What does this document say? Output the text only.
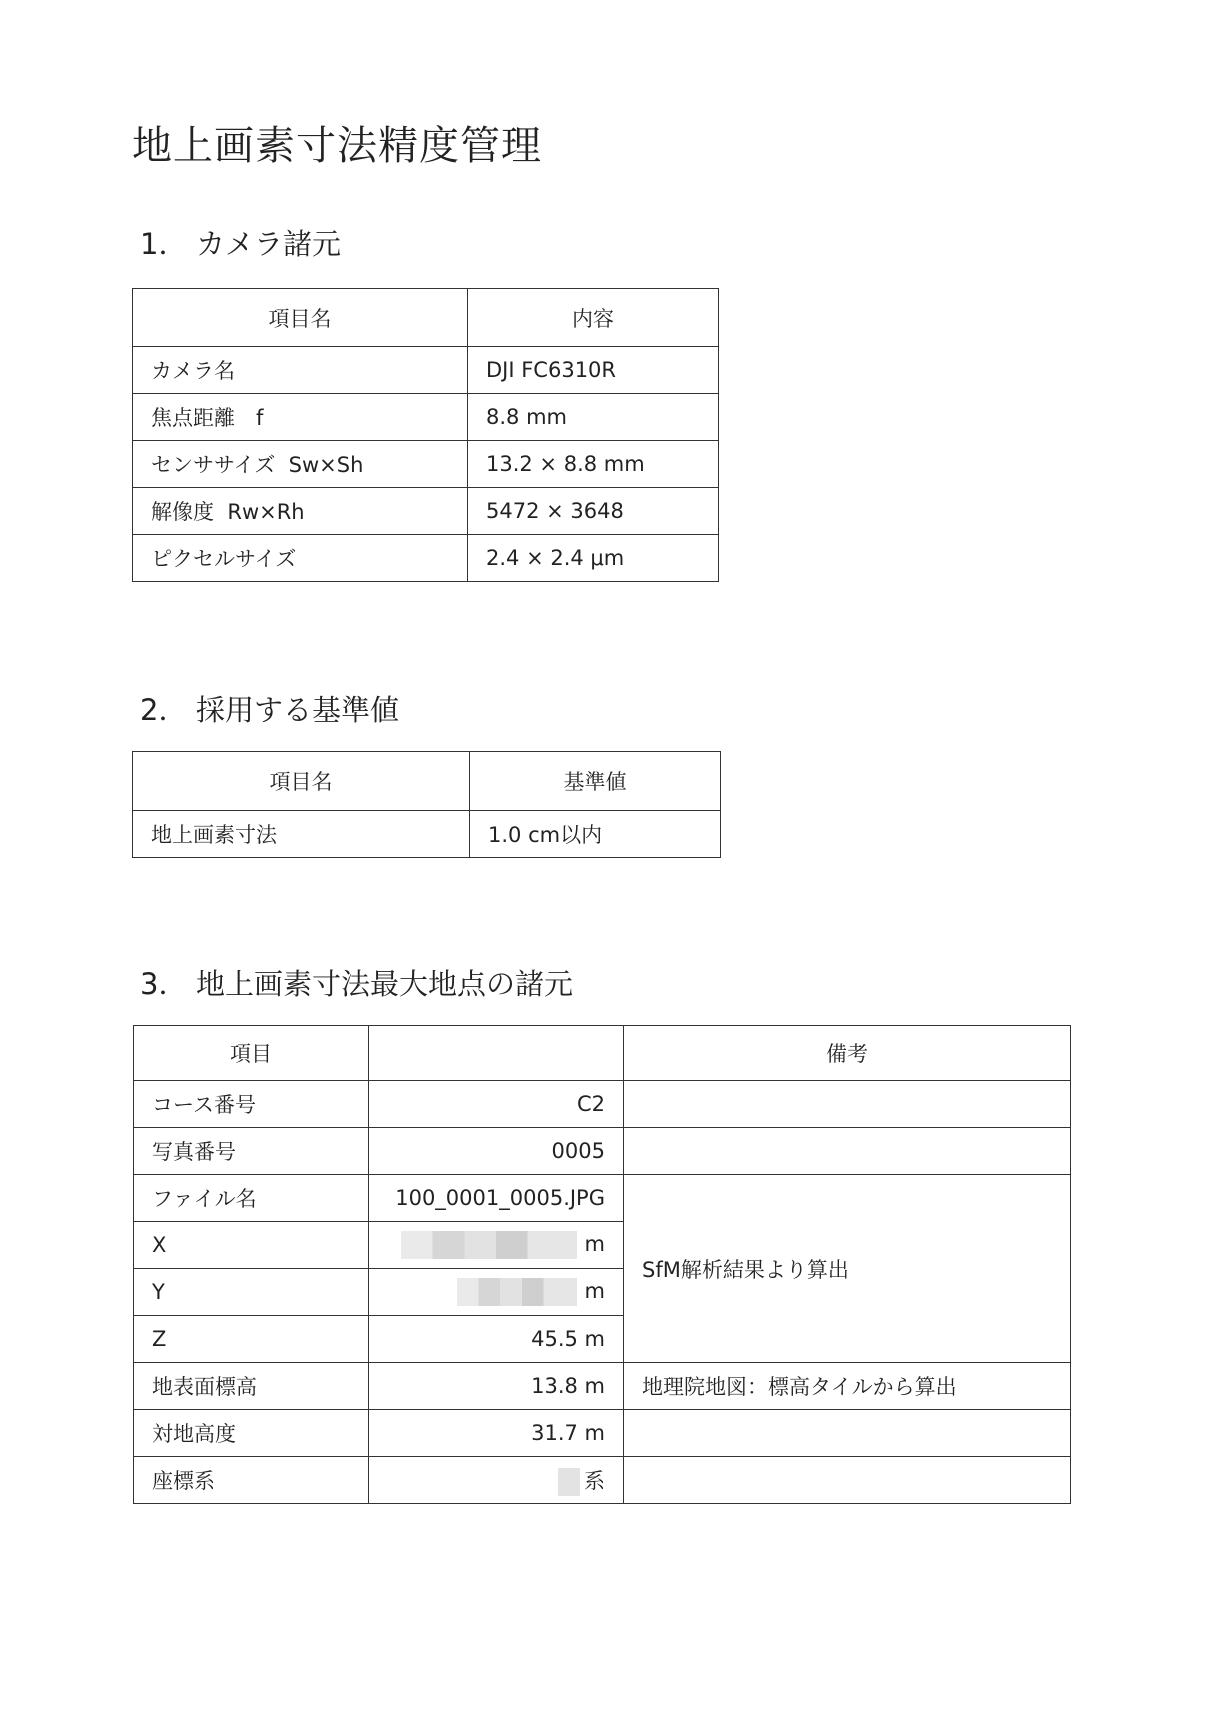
地上画素寸法精度管理
1． カメラ諸元
項目名	内容
カメラ名	DJI FC6310R
焦点距離　f	8.8 mm
センササイズ  Sw×Sh	13.2 × 8.8 mm
解像度  Rw×Rh	5472 × 3648
ピクセルサイズ	2.4 × 2.4 μm
2． 採用する基準値
項目名	基準値
地上画素寸法	1.0 cm以内
3． 地上画素寸法最大地点の諸元
項目		備考
コース番号	C2	
写真番号	0005	
ファイル名	100_0001_0005.JPG	SfM解析結果より算出
X	m	
Y	m	
Z	45.5 m	
地表面標高	13.8 m	地理院地図：標高タイルから算出
対地高度	31.7 m	
座標系	系	
